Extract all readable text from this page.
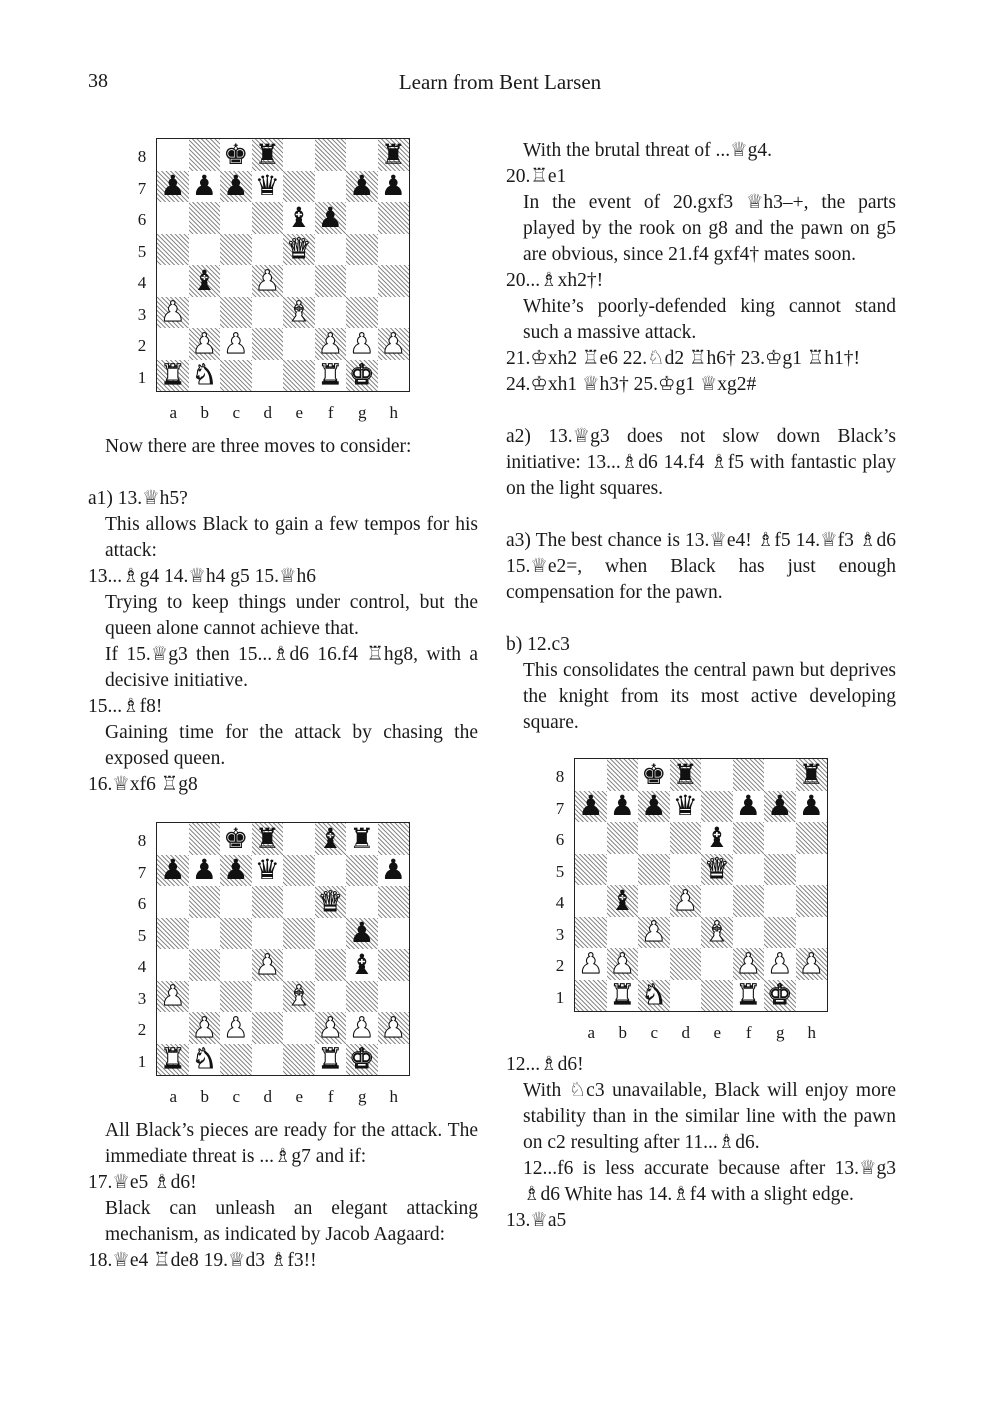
38	Learn from Bent Larsen
♚ ♜	♜
♟ ♟ ♟ ♛ ♟ ♟
♝ ♟
♛
♝ ♟
♟	♝
♟ ♟ ♟ ♟ ♟
♜ ♞	♜ ♚
8
7
6
5
4
3
2
1
a	b	c	d	e	f	g	h

Now there are three moves to consider:

a1) 13.♕h5?

This allows Black to gain a few tempos for his attack:

13...♗g4 14.♕h4 g5 15.♕h6

Trying to keep things under control, but the queen alone cannot achieve that.

If 15.♕g3 then 15...♗d6 16.f4 ♖hg8, with a decisive initiative.

15...♗f8!

Gaining time for the attack by chasing the exposed queen.

16.♕xf6 ♖g8

♚ ♜ ♝ ♜
♟ ♟ ♟ ♛	♟
♛
♟
♟ ♝
♟	♝
♟ ♟ ♟ ♟ ♟
♜ ♞	♜ ♚
8
7
6
5
4
3
2
1
a	b	c	d	e	f	g	h

All Black’s pieces are ready for the attack. The immediate threat is ...♗g7 and if:

17.♕e5 ♗d6!

Black can unleash an elegant attacking mechanism, as indicated by Jacob Aagaard:

18.♕e4 ♖de8 19.♕d3 ♗f3!!

With the brutal threat of ...♕g4.

20.♖e1

In the event of 20.gxf3 ♕h3–+, the parts played by the rook on g8 and the pawn on g5 are obvious, since 21.f4 gxf4† mates soon.

20...♗xh2†!

White’s poorly-defended king cannot stand such a massive attack.

21.♔xh2 ♖e6 22.♘d2 ♖h6† 23.♔g1 ♖h1†! 24.♔xh1 ♕h3† 25.♔g1 ♕xg2#

a2) 13.♕g3 does not slow down Black’s initiative: 13...♗d6 14.f4 ♗f5 with fantastic play on the light squares.

a3) The best chance is 13.♕e4! ♗f5 14.♕f3 ♗d6 15.♕e2=, when Black has just enough compensation for the pawn.

b) 12.c3

This consolidates the central pawn but deprives the knight from its most active developing square.

♚ ♜	♜
♟ ♟ ♟ ♛ ♟ ♟ ♟
♝
♛
♝ ♟
♟ ♝
♟ ♟	♟ ♟ ♟
♜ ♞ ♜ ♚
8
7
6
5
4
3
2
1
a	b	c	d	e	f	g	h

12...♗d6!

With ♘c3 unavailable, Black will enjoy more stability than in the similar line with the pawn on c2 resulting after 11...♗d6.

12...f6 is less accurate because after 13.♕g3 ♗d6 White has 14.♗f4 with a slight edge.

13.♕a5
